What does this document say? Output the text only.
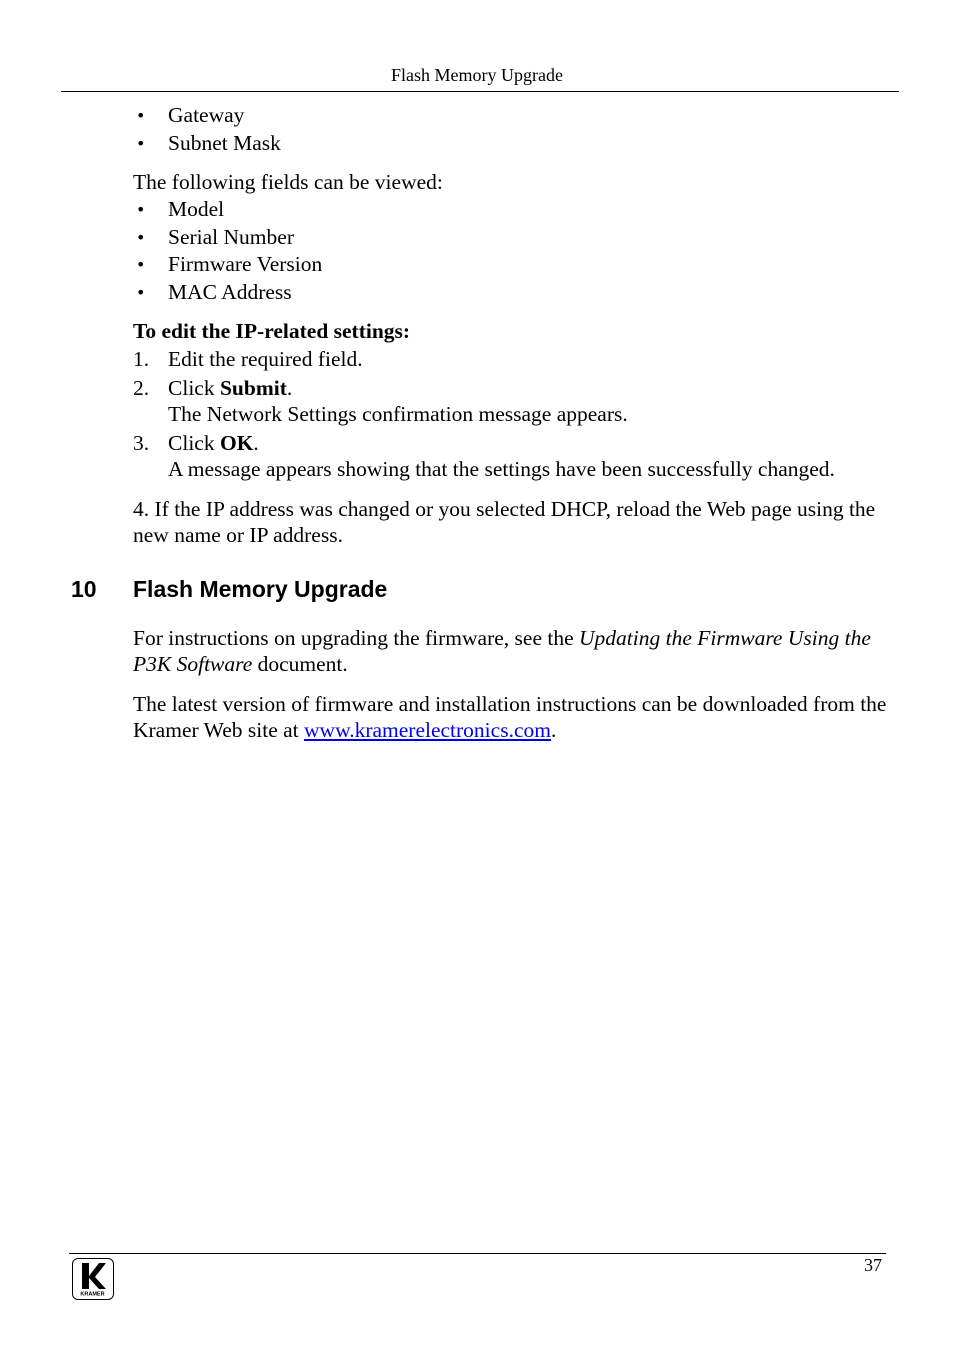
Flash Memory Upgrade
• Gateway
• Subnet Mask

The following fields can be viewed:

• Model
• Serial Number
• Firmware Version
• MAC Address

To edit the IP-related settings:

1. Edit the required field.
2. Click Submit.
The Network Settings confirmation message appears.
3. Click OK.
A message appears showing that the settings have been successfully changed.

4. If the IP address was changed or you selected DHCP, reload the Web page using the new name or IP address.

10 Flash Memory Upgrade

For instructions on upgrading the firmware, see the Updating the Firmware Using the P3K Software document.

The latest version of firmware and installation instructions can be downloaded from the Kramer Web site at www.kramerelectronics.com.

37
KRAMER
